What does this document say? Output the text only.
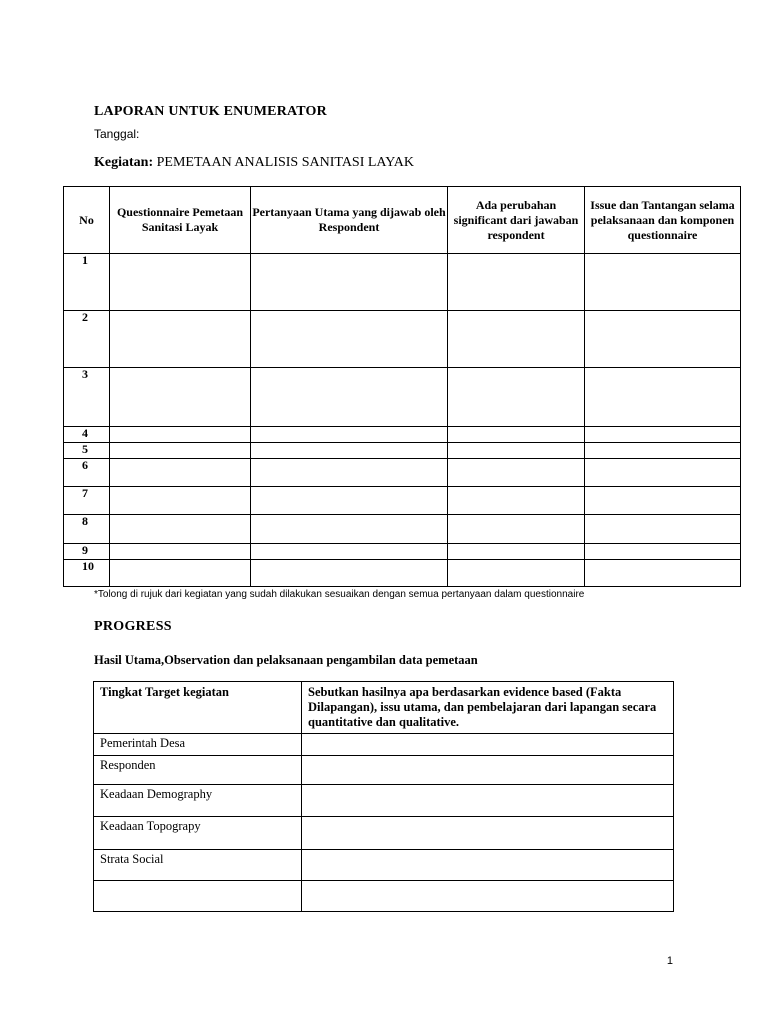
LAPORAN UNTUK ENUMERATOR
Tanggal:
Kegiatan: PEMETAAN ANALISIS SANITASI LAYAK
No	Questionnaire Pemetaan Sanitasi Layak	Pertanyaan Utama yang dijawab oleh Respondent	Ada perubahan significant dari jawaban respondent	Issue dan Tantangan selama pelaksanaan dan komponen questionnaire
1				
2				
3				
4				
5				
6				
7				
8				
9				
10				
*Tolong di rujuk dari kegiatan yang sudah dilakukan sesuaikan dengan semua pertanyaan dalam questionnaire
PROGRESS
Hasil Utama,Observation dan pelaksanaan pengambilan data pemetaan
Tingkat Target kegiatan	Sebutkan hasilnya apa berdasarkan evidence based (Fakta Dilapangan), issu utama, dan pembelajaran dari lapangan secara quantitative dan qualitative.
Pemerintah Desa	
Responden	
Keadaan Demography	
Keadaan Topograpy	
Strata Social	

1
